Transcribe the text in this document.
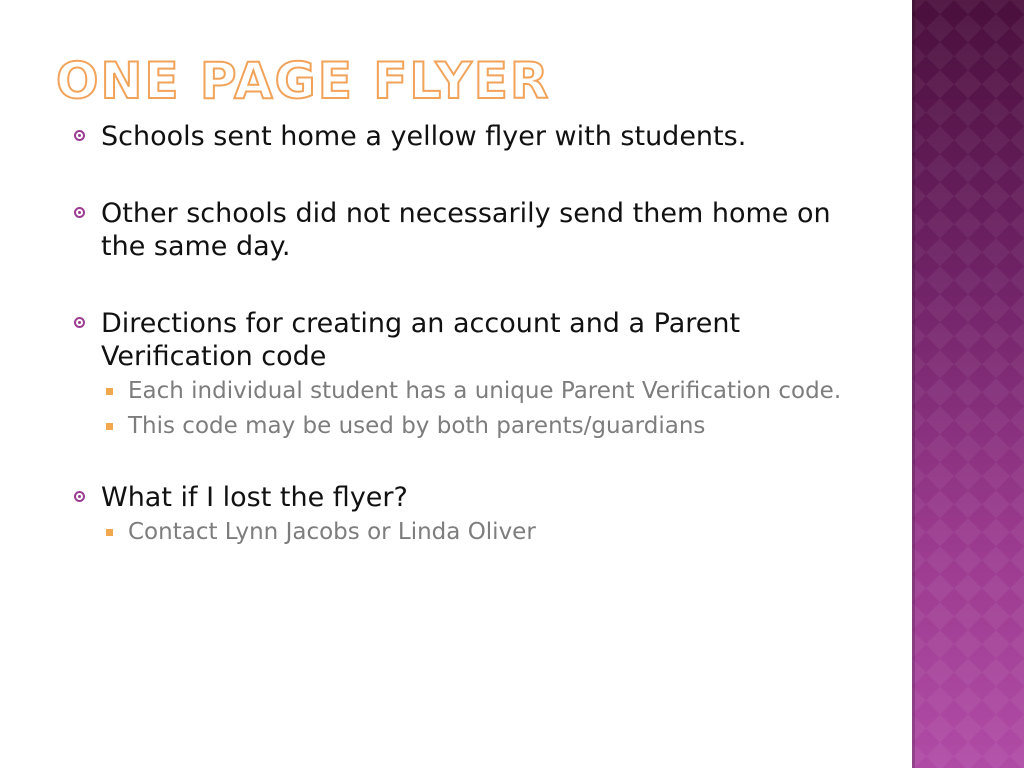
ONE PAGE FLYER
Schools sent home a yellow flyer with students.
Other schools did not necessarily send them home on the same day.
Directions for creating an account and a Parent Verification code
Each individual student has a unique Parent Verification code.
This code may be used by both parents/guardians
What if I lost the flyer?
Contact Lynn Jacobs or Linda Oliver
